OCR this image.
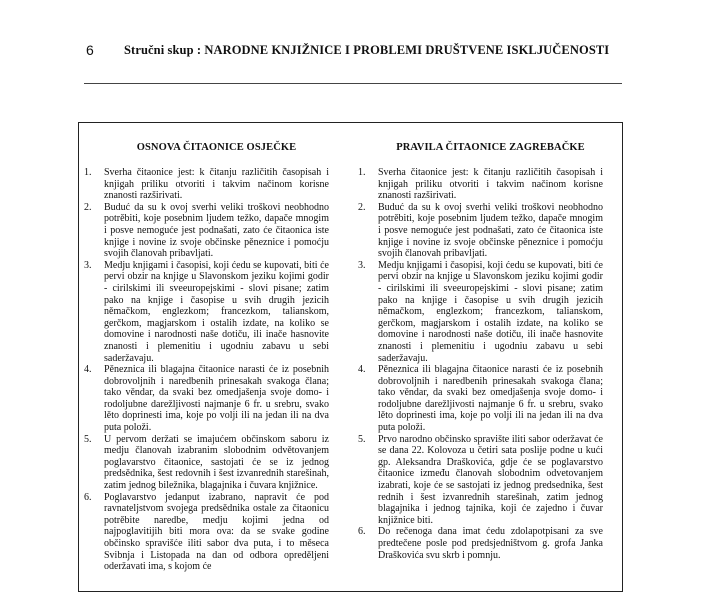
6 Stručni skup : NARODNE KNJIŽNICE I PROBLEMI DRUŠTVENE ISKLJUČENOSTI
OSNOVA ČITAONICE OSJEČKE
1. Sverha čitaonice jest: k čitanju različitih časopisah i knjigah priliku otvoriti i takvim načinom korisne znanosti razširivati.
2. Buduć da su k ovoj sverhi veliki troškovi neobhodno potrěbiti, koje posebnim ljudem težko, dapače mnogim i posve nemoguće jest podnašati, zato će čitaonica iste knjige i novine iz svoje občinske pěneznice i pomoćju svojih članovah pribavljati.
3. Medju knjigami i časopisi, koji ćedu se kupovati, biti će pervi obzir na knjige u Slavonskom jeziku kojimi godir - cirilskimi ili sveeuropejskimi - slovi pisane; zatim pako na knjige i časopise u svih drugih jezicih němačkom, englezkom; francezkom, talianskom, gerčkom, magjarskom i ostalih izdate, na koliko se domovine i narodnosti naše dotiču, ili inače hasnovite znanosti i plemenitiu i ugodniu zabavu u sebi saderžavaju.
4. Pěneznica ili blagajna čitaonice narasti će iz posebnih dobrovoljnih i naredbenih prinesakah svakoga člana; tako věndar, da svaki bez omedjašenja svoje domo- i rodoljubne darežljivosti najmanje 6 fr. u srebru, svako lěto doprinesti ima, koje po volji ili na jedan ili na dva puta položi.
5. U pervom deržati se imajućem občinskom saboru iz medju članovah izabranim slobodnim odvětovanjem poglavarstvo čitaonice, sastojati će se iz jednog predsědnika, šest redovnih i šest izvanrednih starešinah, zatim jednog biležnika, blagajnika i čuvara knjižnice.
6. Poglavarstvo jedanput izabrano, napravit će pod ravnateljstvom svojega predsědnika ostale za čitaonicu potrěbite naredbe, medju kojimi jedna od najpoglavitijih biti mora ova: da se svake godine občinsko spravišće iliti sabor dva puta, i to měseca Svibnja i Listopada na dan od odbora opreděljeni oderžavati ima, s kojom će
PRAVILA ČITAONICE ZAGREBAČKE
1. Sverha čitaonice jest: k čitanju različitih časopisah i knjigah priliku otvoriti i takvim načinom korisne znanosti razširivati.
2. Buduć da su k ovoj sverhi veliki troškovi neobhodno potrěbiti, koje posebnim ljudem težko, dapače mnogim i posve nemoguće jest podnašati, zato će čitaonica iste knjige i novine iz svoje občinske pěneznice i pomoćju svojih članovah pribavljati.
3. Medju knjigami i časopisi, koji ćedu se kupovati, biti će pervi obzir na knjige u Slavonskom jeziku kojimi godir - cirilskimi ili sveeuropejskimi - slovi pisane; zatim pako na knjige i časopise u svih drugih jezicih němačkom, englezkom; francezkom, talianskom, gerčkom, magjarskom i ostalih izdate, na koliko se domovine i narodnosti naše dotiču, ili inače hasnovite znanosti i plemenitiu i ugodniu zabavu u sebi saderžavaju.
4. Pěneznica ili blagajna čitaonice narasti će iz posebnih dobrovoljnih i naredbenih prinesakah svakoga člana; tako věndar, da svaki bez omedjašenja svoje domo- i rodoljubne darežljivosti najmanje 6 fr. u srebru, svako lěto doprinesti ima, koje po volji ili na jedan ili na dva puta položi.
5. Prvo narodno občinsko spravište iliti sabor oderžavat će se dana 22. Kolovoza u četiri sata poslije podne u kući gp. Aleksandra Draškovića, gdje će se poglavarstvo čitaonice između članovah slobodnim odvetovanjem izabrati, koje će se sastojati iz jednog predsednika, šest rednih i šest izvanrednih starešinah, zatim jednog blagajnika i jednog tajnika, koji će zajedno i čuvar knjižnice biti.
6. Do rečenoga dana imat ćedu zdolapotpisani za sve predtečene posle pod predsjedništvom g. grofa Janka Draškovića svu skrb i pomnju.
